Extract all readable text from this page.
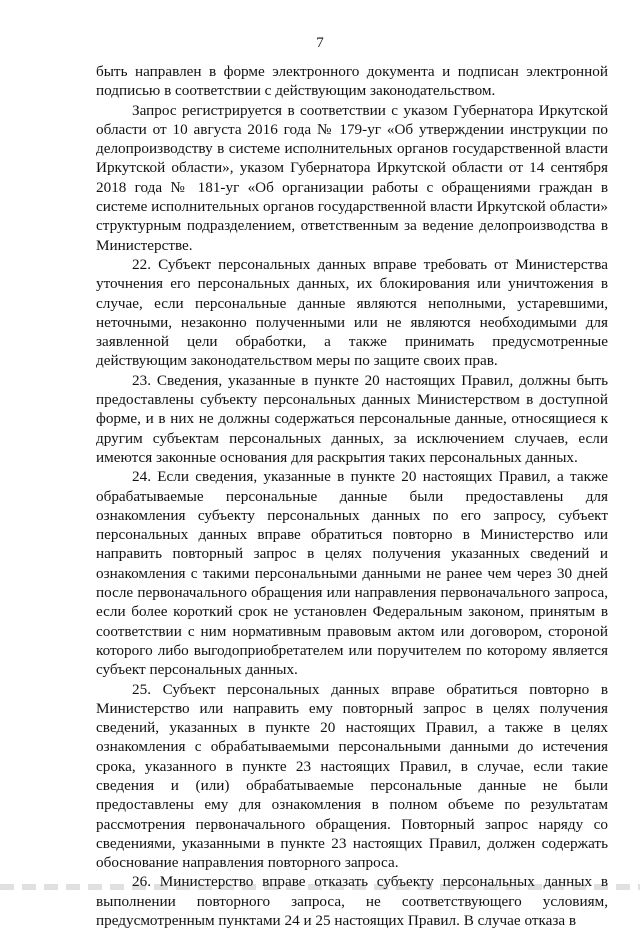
7

быть направлен в форме электронного документа и подписан электронной подписью в соответствии с действующим законодательством.

Запрос регистрируется в соответствии с указом Губернатора Иркутской области от 10 августа 2016 года № 179-уг «Об утверждении инструкции по делопроизводству в системе исполнительных органов государственной власти Иркутской области», указом Губернатора Иркутской области от 14 сентября 2018 года № 181-уг «Об организации работы с обращениями граждан в системе исполнительных органов государственной власти Иркутской области» структурным подразделением, ответственным за ведение делопроизводства в Министерстве.

22. Субъект персональных данных вправе требовать от Министерства уточнения его персональных данных, их блокирования или уничтожения в случае, если персональные данные являются неполными, устаревшими, неточными, незаконно полученными или не являются необходимыми для заявленной цели обработки, а также принимать предусмотренные действующим законодательством меры по защите своих прав.

23. Сведения, указанные в пункте 20 настоящих Правил, должны быть предоставлены субъекту персональных данных Министерством в доступной форме, и в них не должны содержаться персональные данные, относящиеся к другим субъектам персональных данных, за исключением случаев, если имеются законные основания для раскрытия таких персональных данных.

24. Если сведения, указанные в пункте 20 настоящих Правил, а также обрабатываемые персональные данные были предоставлены для ознакомления субъекту персональных данных по его запросу, субъект персональных данных вправе обратиться повторно в Министерство или направить повторный запрос в целях получения указанных сведений и ознакомления с такими персональными данными не ранее чем через 30 дней после первоначального обращения или направления первоначального запроса, если более короткий срок не установлен Федеральным законом, принятым в соответствии с ним нормативным правовым актом или договором, стороной которого либо выгодоприобретателем или поручителем по которому является субъект персональных данных.

25. Субъект персональных данных вправе обратиться повторно в Министерство или направить ему повторный запрос в целях получения сведений, указанных в пункте 20 настоящих Правил, а также в целях ознакомления с обрабатываемыми персональными данными до истечения срока, указанного в пункте 23 настоящих Правил, в случае, если такие сведения и (или) обрабатываемые персональные данные не были предоставлены ему для ознакомления в полном объеме по результатам рассмотрения первоначального обращения. Повторный запрос наряду со сведениями, указанными в пункте 23 настоящих Правил, должен содержать обоснование направления повторного запроса.

26. Министерство вправе отказать субъекту персональных данных в выполнении повторного запроса, не соответствующего условиям, предусмотренным пунктами 24 и 25 настоящих Правил. В случае отказа в
